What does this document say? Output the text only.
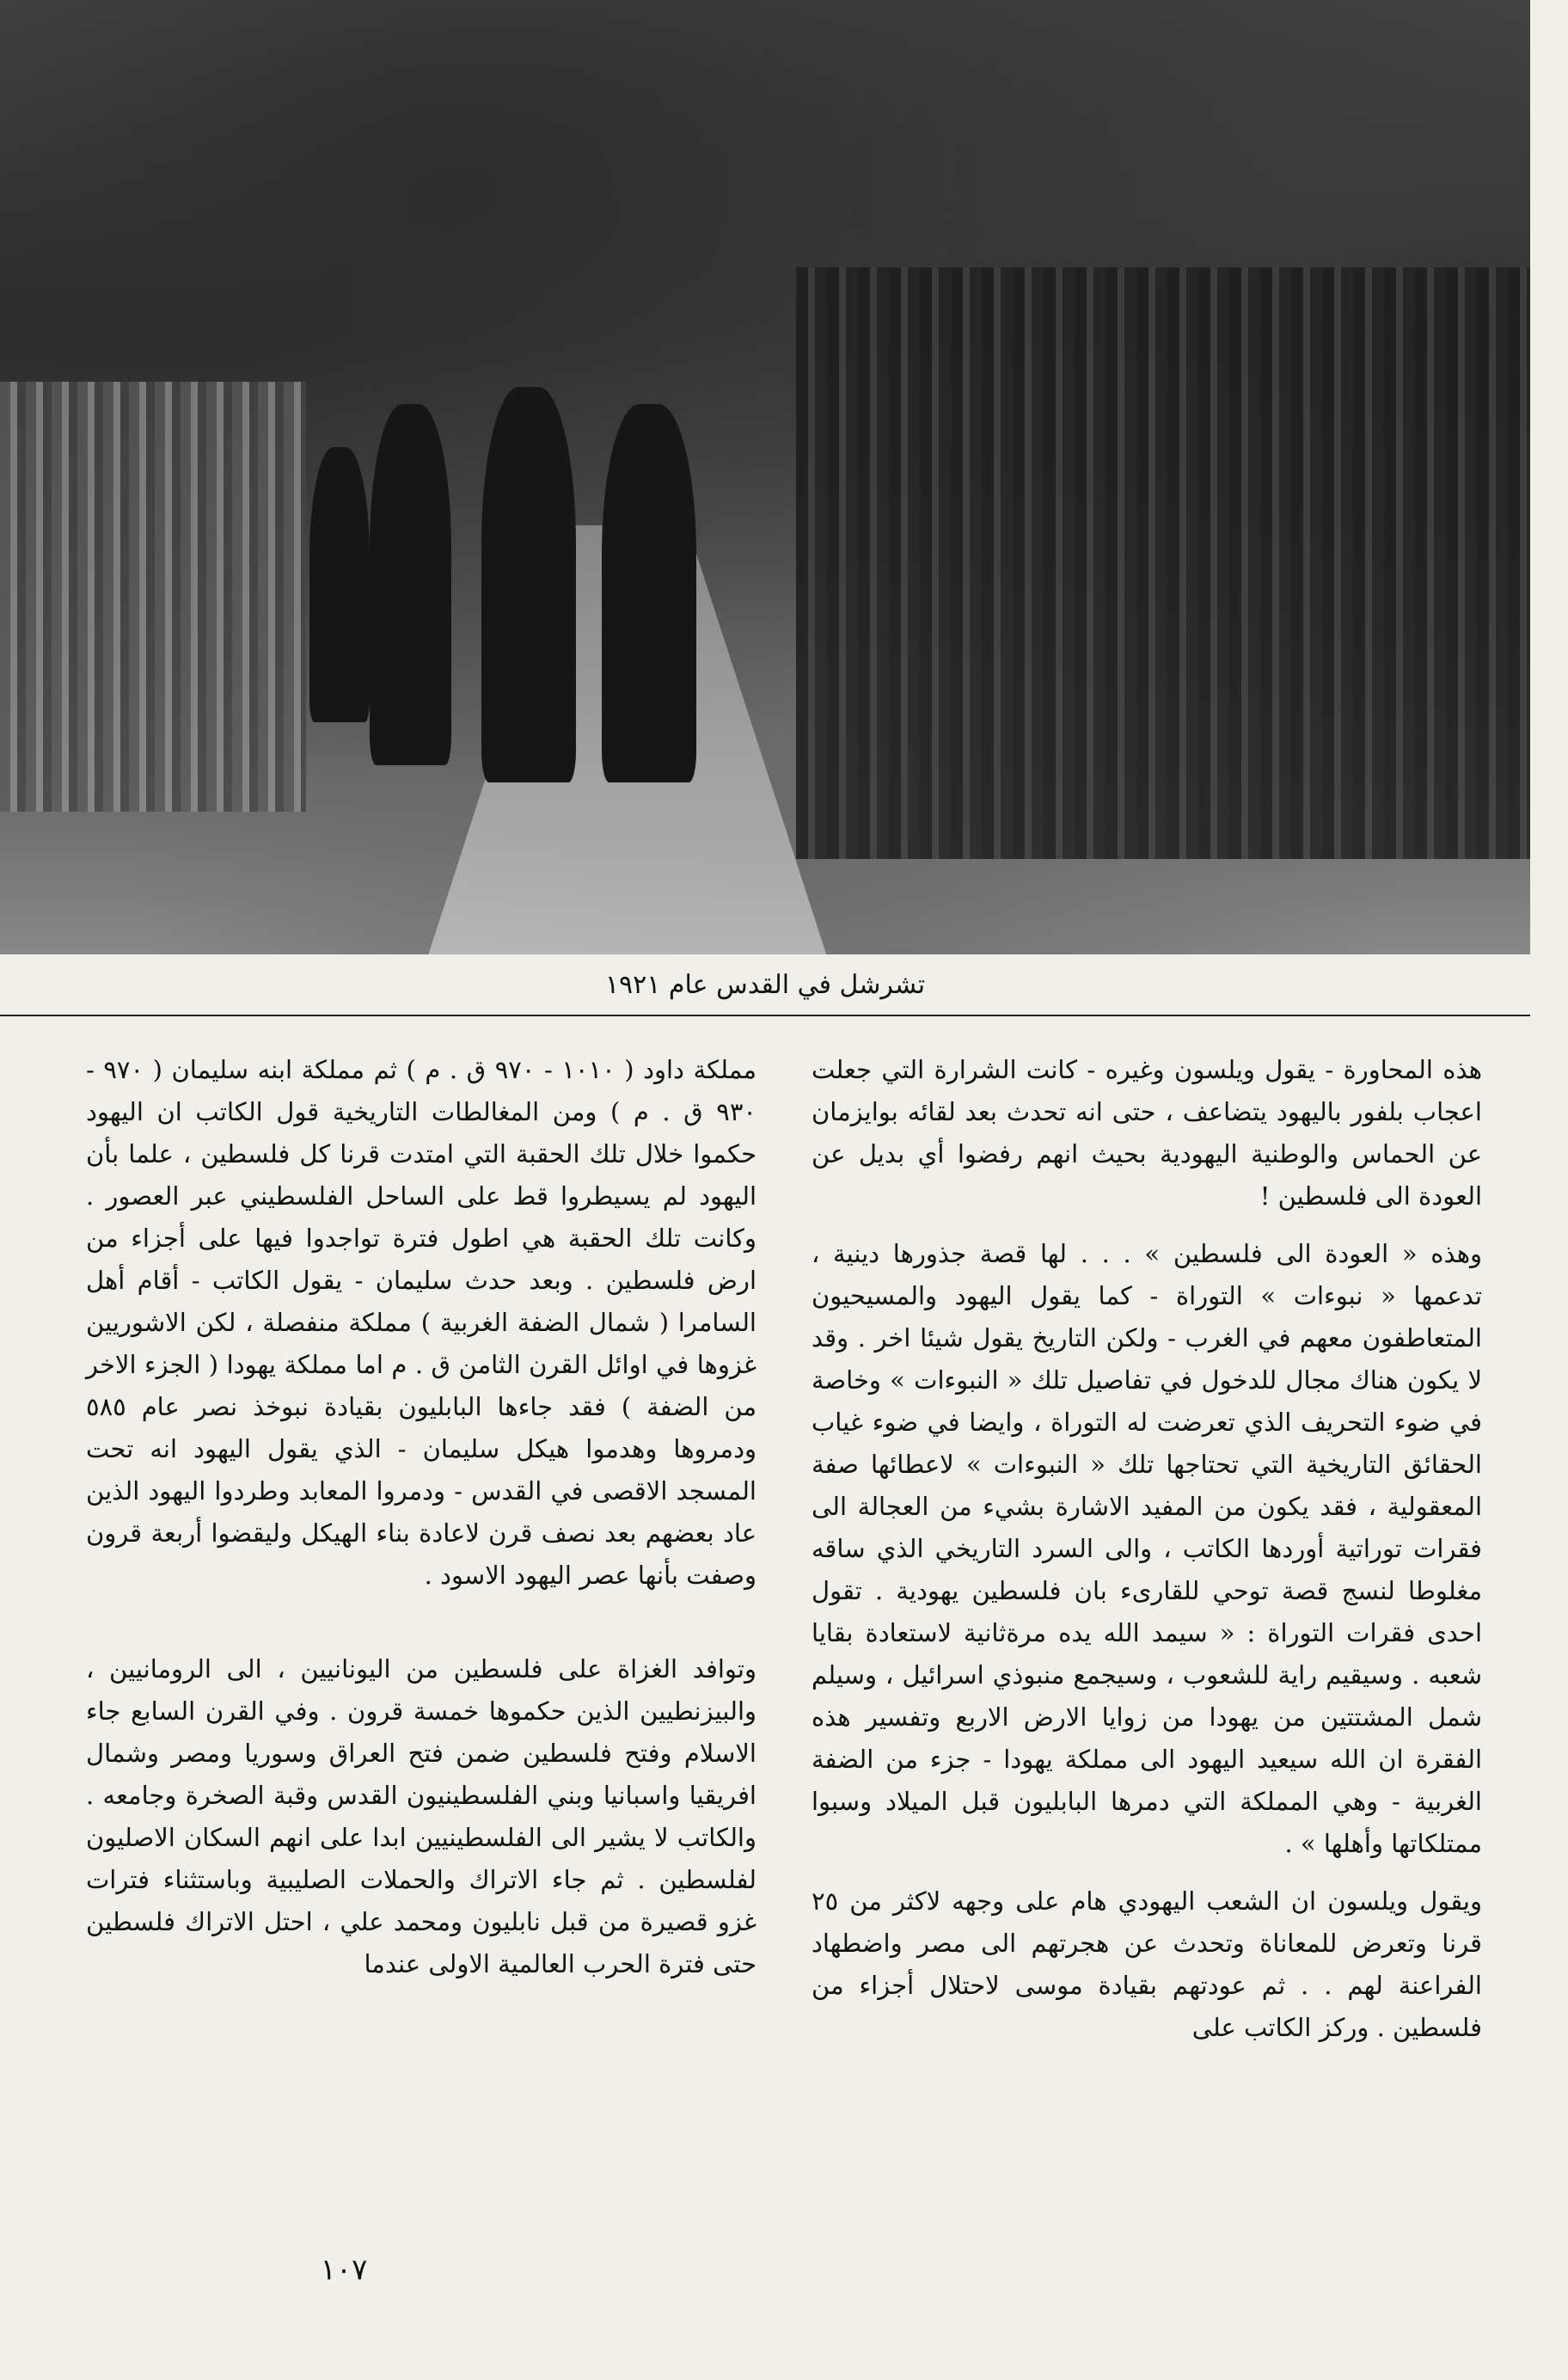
تشرشل في القدس عام ١٩٢١

هذه المحاورة - يقول ويلسون وغيره - كانت الشرارة التي جعلت اعجاب بلفور باليهود يتضاعف ، حتى انه تحدث بعد لقائه بوايزمان عن الحماس والوطنية اليهودية بحيث انهم رفضوا أي بديل عن العودة الى فلسطين !

وهذه « العودة الى فلسطين » . . . لها قصة جذورها دينية ، تدعمها « نبوءات » التوراة - كما يقول اليهود والمسيحيون المتعاطفون معهم في الغرب - ولكن التاريخ يقول شيئا اخر . وقد لا يكون هناك مجال للدخول في تفاصيل تلك « النبوءات » وخاصة في ضوء التحريف الذي تعرضت له التوراة ، وايضا في ضوء غياب الحقائق التاريخية التي تحتاجها تلك « النبوءات » لاعطائها صفة المعقولية ، فقد يكون من المفيد الاشارة بشيء من العجالة الى فقرات توراتية أوردها الكاتب ، والى السرد التاريخي الذي ساقه مغلوطا لنسج قصة توحي للقارىء بان فلسطين يهودية . تقول احدى فقرات التوراة : « سيمد الله يده مرةثانية لاستعادة بقايا شعبه . وسيقيم راية للشعوب ، وسيجمع منبوذي اسرائيل ، وسيلم شمل المشتتين من يهودا من زوايا الارض الاربع وتفسير هذه الفقرة ان الله سيعيد اليهود الى مملكة يهودا - جزء من الضفة الغربية - وهي المملكة التي دمرها البابليون قبل الميلاد وسبوا ممتلكاتها وأهلها » .

ويقول ويلسون ان الشعب اليهودي هام على وجهه لاكثر من ٢٥ قرنا وتعرض للمعاناة وتحدث عن هجرتهم الى مصر واضطهاد الفراعنة لهم . . ثم عودتهم بقيادة موسى لاحتلال أجزاء من فلسطين . وركز الكاتب على

مملكة داود ( ١٠١٠ - ٩٧٠ ق . م ) ثم مملكة ابنه سليمان ( ٩٧٠ - ٩٣٠ ق . م ) ومن المغالطات التاريخية قول الكاتب ان اليهود حكموا خلال تلك الحقبة التي امتدت قرنا كل فلسطين ، علما بأن اليهود لم يسيطروا قط على الساحل الفلسطيني عبر العصور . وكانت تلك الحقبة هي اطول فترة تواجدوا فيها على أجزاء من ارض فلسطين . وبعد حدث سليمان - يقول الكاتب - أقام أهل السامرا ( شمال الضفة الغربية ) مملكة منفصلة ، لكن الاشوريين غزوها في اوائل القرن الثامن ق . م اما مملكة يهودا ( الجزء الاخر من الضفة ) فقد جاءها البابليون بقيادة نبوخذ نصر عام ٥٨٥ ودمروها وهدموا هيكل سليمان - الذي يقول اليهود انه تحت المسجد الاقصى في القدس - ودمروا المعابد وطردوا اليهود الذين عاد بعضهم بعد نصف قرن لاعادة بناء الهيكل وليقضوا أربعة قرون وصفت بأنها عصر اليهود الاسود .

وتوافد الغزاة على فلسطين من اليونانيين ، الى الرومانيين ، والبيزنطيين الذين حكموها خمسة قرون . وفي القرن السابع جاء الاسلام وفتح فلسطين ضمن فتح العراق وسوريا ومصر وشمال افريقيا واسبانيا وبني الفلسطينيون القدس وقبة الصخرة وجامعه . والكاتب لا يشير الى الفلسطينيين ابدا على انهم السكان الاصليون لفلسطين . ثم جاء الاتراك والحملات الصليبية وباستثناء فترات غزو قصيرة من قبل نابليون ومحمد علي ، احتل الاتراك فلسطين حتى فترة الحرب العالمية الاولى عندما

١٠٧
